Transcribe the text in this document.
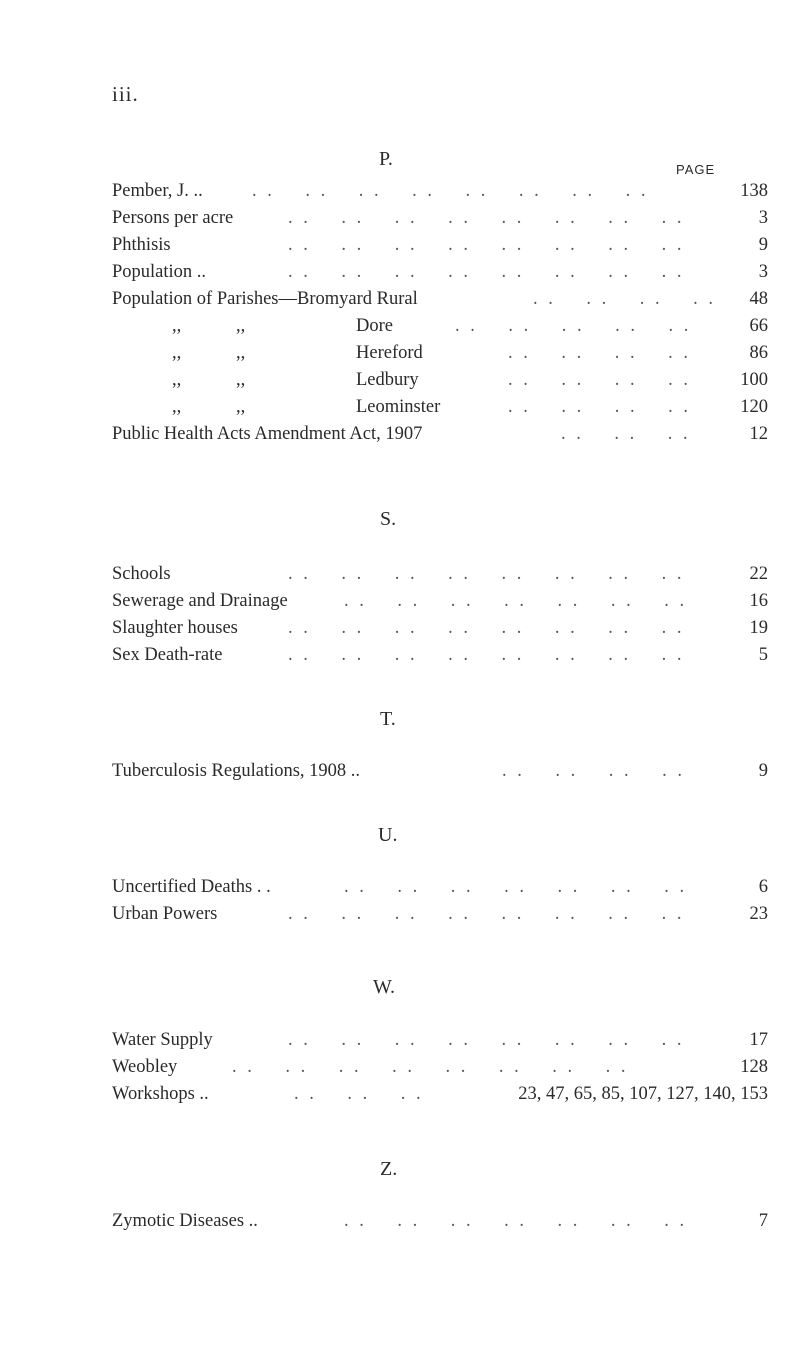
iii.
PAGE
P.
Pember, J. ..	. .    . .    . .    . .    . .    . .    . .    . .	138
Persons per acre	. .    . .    . .    . .    . .    . .    . .    . .	3
Phthisis	. .    . .    . .    . .    . .    . .    . .    . .	9
Population ..	. .    . .    . .    . .    . .    . .    . .    . .	3
Population of Parishes—Bromyard Rural	. .    . .    . .    . . 48
,,	,,	Dore	. .    . .    . .    . .    . .	66
,,	,,	Hereford	. .    . .    . .    . .	86
,,	,,	Ledbury	. .    . .    . .    . .	100
,,	,,	Leominster	. .    . .    . .    . .	120
Public Health Acts Amendment Act, 1907	. .    . .    . .	12
S.
Schools	. .    . .    . .    . .    . .    . .    . .    . .	22
Sewerage and Drainage	. .    . .    . .    . .    . .    . .    . .	16
Slaughter houses	. .    . .    . .    . .    . .    . .    . .    . .	19
Sex Death-rate	. .    . .    . .    . .    . .    . .    . .    . .	5
T.
Tuberculosis Regulations, 1908 ..	. .    . .    . .    . .	9
U.
Uncertified Deaths . .	. .    . .    . .    . .    . .    . .    . .	6
Urban Powers	. .    . .    . .    . .    . .    . .    . .    . .	23
W.
Water Supply	. .    . .    . .    . .    . .    . .    . .    . .	17
Weobley	. .    . .    . .    . .    . .    . .    . .    . .	128
Workshops ..	. .    . .    . .	23, 47, 65, 85, 107, 127, 140, 153
Z.
Zymotic Diseases ..	. .    . .    . .    . .    . .    . .    . .	7
